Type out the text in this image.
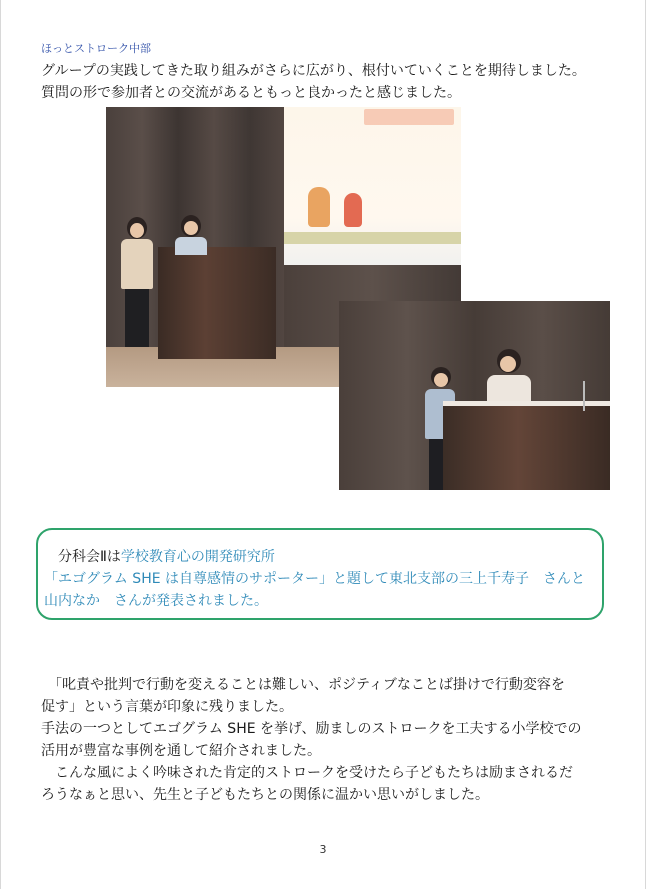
ほっとストローク中部

グループの実践してきた取り組みがさらに広がり、根付いていくことを期待しました。

質問の形で参加者との交流があるともっと良かったと感じました。

　分科会Ⅱは学校教育心の開発研究所

「エゴグラム SHE は自尊感情のサポーター」と題して東北支部の三上千寿子　さんと

山内なか　さんが発表されました。

　「叱責や批判で行動を変えることは難しい、ポジティブなことば掛けで行動変容を

促す」という言葉が印象に残りました。

手法の一つとしてエゴグラム SHE を挙げ、励ましのストロークを工夫する小学校での

活用が豊富な事例を通して紹介されました。

　こんな風によく吟味された肯定的ストロークを受けたら子どもたちは励まされるだ

ろうなぁと思い、先生と子どもたちとの関係に温かい思いがしました。

3
